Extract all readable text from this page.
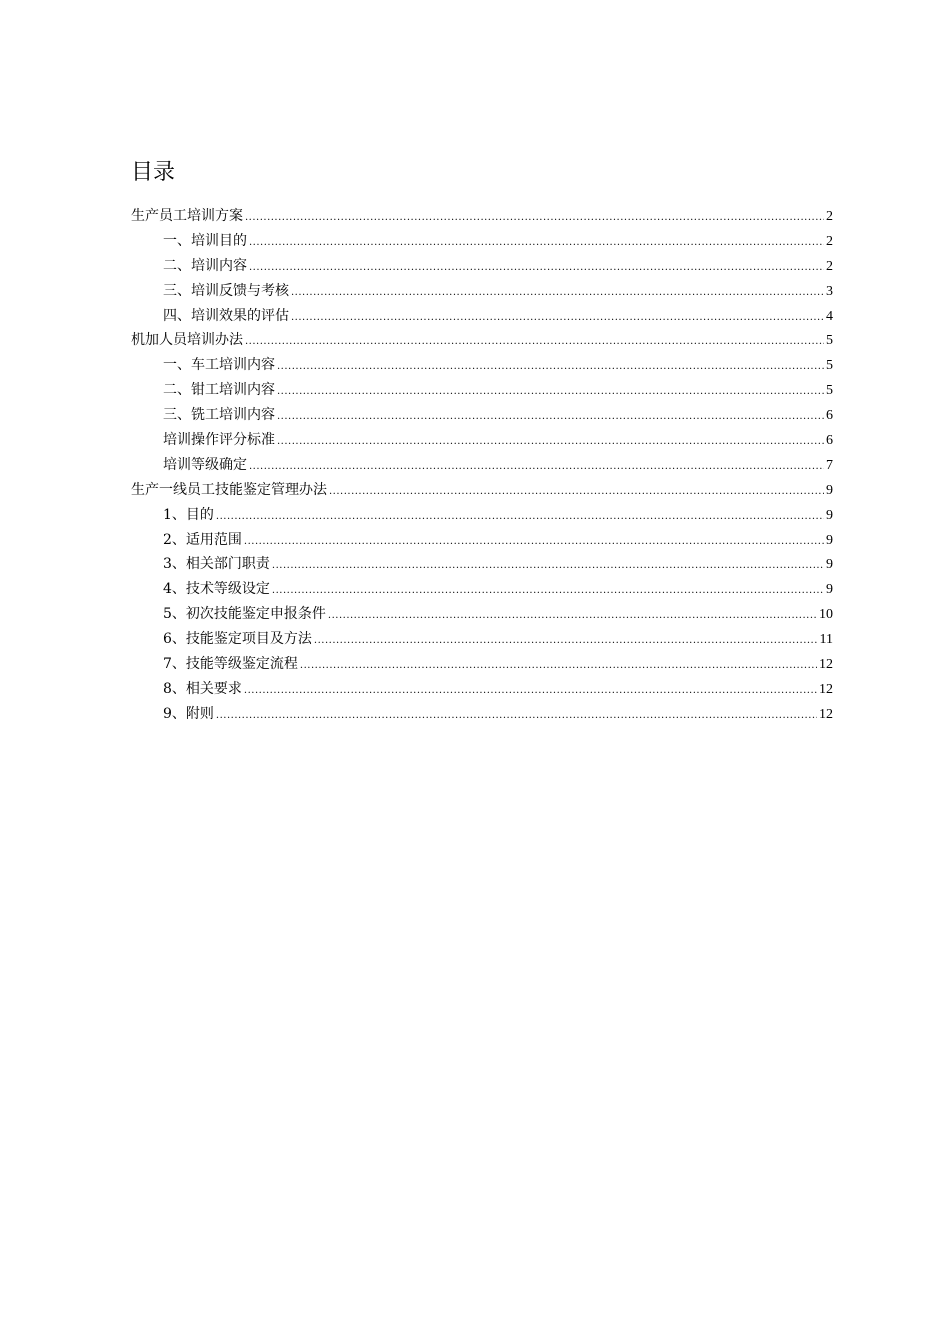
目录
生产员工培训方案 .....	2
一、培训目的 .....	2
二、培训内容 .....	2
三、培训反馈与考核 .....	3
四、培训效果的评估 .....	4
机加人员培训办法 .....	5
一、车工培训内容 .....	5
二、钳工培训内容 .....	5
三、铣工培训内容 .....	6
培训操作评分标准 .....	6
培训等级确定 .....	7
生产一线员工技能鉴定管理办法 .....	9
1、目的 .....	9
2、适用范围 .....	9
3、相关部门职责 .....	9
4、技术等级设定 .....	9
5、初次技能鉴定申报条件 .....	10
6、技能鉴定项目及方法 .....	11
7、技能等级鉴定流程 .....	12
8、相关要求 .....	12
9、附则 .....	12
